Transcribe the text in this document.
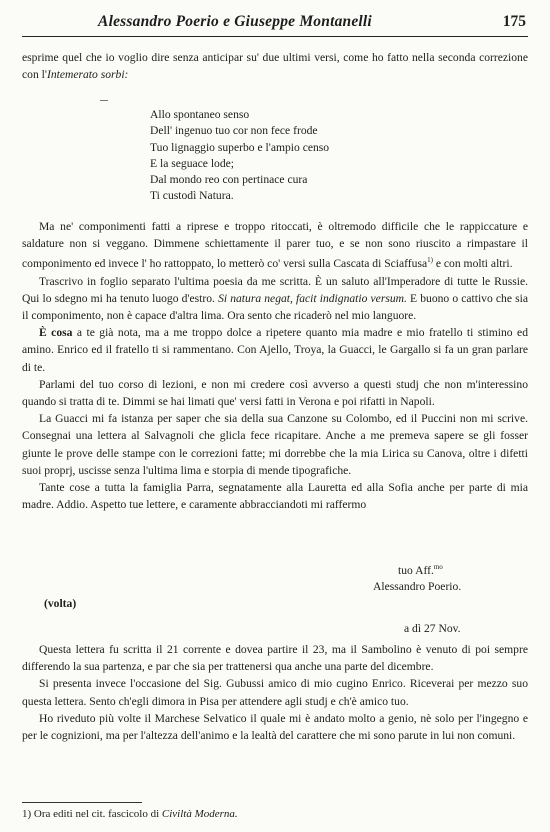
Alessandro Poerio e Giuseppe Montanelli	175

esprime quel che io voglio dire senza anticipar su' due ultimi versi, come ho fatto nella seconda correzione con l'Intemerato sorbi:

Allo spontaneo senso
Dell' ingenuo tuo cor non fece frode
Tuo lignaggio superbo e l'ampio censo
E la seguace lode;
Dal mondo reo con pertinace cura
Ti custodì Natura.

Ma ne' componimenti fatti a riprese e troppo ritoccati, è oltremodo difficile che le rappiccature e saldature non si veggano. Dimmene schiettamente il parer tuo, e se non sono riuscito a rimpastare il componimento ed invece l' ho rattoppato, lo metterò co' versi sulla Cascata di Sciaffusa$^{1)}$ e con molti altri.

Trascrivo in foglio separato l'ultima poesia da me scritta. È un saluto all'Imperadore di tutte le Russie. Qui lo sdegno mi ha tenuto luogo d'estro. Si natura negat, facit indignatio versum. E buono o cattivo che sia il componimento, non è capace d'altra lima. Ora sento che ricaderò nel mio languore.

È cosa a te già nota, ma a me troppo dolce a ripetere quanto mia madre e mio fratello ti stimino ed amino. Enrico ed il fratello ti si rammentano. Con Ajello, Troya, la Guacci, le Gargallo si fa un gran parlare di te.

Parlami del tuo corso di lezioni, e non mi credere così avverso a questi studj che non m'interessino quando si tratta di te. Dimmi se hai limati que' versi fatti in Verona e poi rifatti in Napoli.

La Guacci mi fa istanza per saper che sia della sua Canzone su Colombo, ed il Puccini non mi scrive. Consegnai una lettera al Salvagnoli che glicla fece ricapitare. Anche a me premeva sapere se gli fosser giunte le prove delle stampe con le correzioni fatte; mi dorrebbe che la mia Lirica su Canova, oltre i difetti suoi proprj, uscisse senza l'ultima lima e storpia di mende tipografiche.

Tante cose a tutta la famiglia Parra, segnatamente alla Lauretta ed alla Sofia anche per parte di mia madre. Addio. Aspetto tue lettere, e caramente abbracciandoti mi raffermo

tuo Aff.$^{mo}$
Alessandro Poerio.
(volta)
a dì 27 Nov.

Questa lettera fu scritta il 21 corrente e dovea partire il 23, ma il Sambolino è venuto di poi sempre differendo la sua partenza, e par che sia per trattenersi qua anche una parte del dicembre.

Si presenta invece l'occasione del Sig. Gubussi amico di mio cugino Enrico. Riceverai per mezzo suo questa lettera. Sento ch'egli dimora in Pisa per attendere agli studj e ch'è amico tuo.

Ho riveduto più volte il Marchese Selvatico il quale mi è andato molto a genio, nè solo per l'ingegno e per le cognizioni, ma per l'altezza dell'animo e la lealtà del carattere che mi sono parute in lui non comuni.

1) Ora editi nel cit. fascicolo di Civiltà Moderna.
